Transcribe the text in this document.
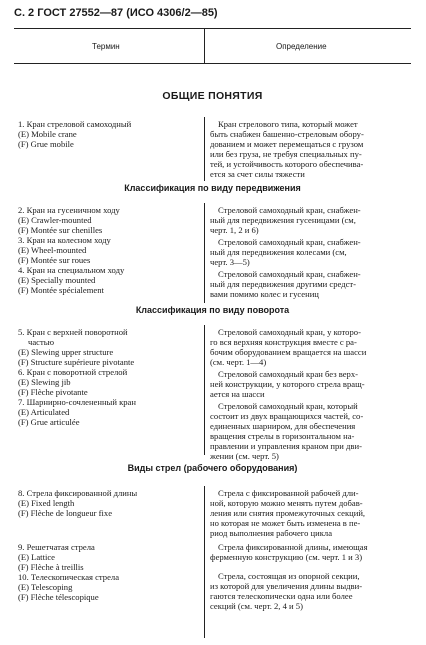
С. 2 ГОСТ 27552—87 (ИСО 4306/2—85)
Термин	Определение
ОБЩИЕ ПОНЯТИЯ
Классификация по виду передвижения
Классификация по виду поворота
Виды стрел (рабочего оборудования)
1. Кран стреловой самоходный
(E) Mobile crane
(F) Grue mobile
Кран стрелового типа, который может
быть снабжен башенно-стреловым обору-
дованием и может перемещаться с грузом
или без груза, не требуя специальных пу-
тей, и устойчивость которого обеспечива-
ется за счет силы тяжести
2. Кран на гусеничном ходу
(E) Crawler-mounted
(F) Montée sur chenilles
3. Кран на колесном ходу
(E) Wheel-mounted
(F) Montée sur roues
4. Кран на специальном ходу
(E) Specially mounted
(F) Montée spécialement
Стреловой самоходный кран, снабжен-
ный для передвижения гусеницами (см,
черт. 1, 2 и 6)
Стреловой самоходный кран, снабжен-
ный для передвижения колесами (см,
черт. 3—5)
Стреловой самоходный кран, снабжен-
ный для передвижения другими средст-
вами помимо колес и гусениц
5. Кран с верхней поворотной
частью
(E) Slewing upper structure
(F) Structure supérieure pivotante
6. Кран с поворотной стрелой
(E) Slewing jib
(F) Flèche pivotante
7. Шарнирно-сочлененный кран
(E) Articulated
(F) Grue articulée
Стреловой самоходный кран, у которо-
го вся верхняя конструкция вместе с ра-
бочим оборудованием вращается на шасси
(см. черт. 1—4)
Стреловой самоходный кран без верх-
ней конструкции, у которого стрела вращ-
ается на шасси
Стреловой самоходный кран, который
состоит из двух вращающихся частей, со-
единенных шарниром, для обеспечения
вращения стрелы в горизонтальном на-
правлении и управления краном при дви-
жении (см. черт. 5)
8. Стрела фиксированной длины
(E) Fixed length
(F) Flèche de longueur fixe
Стрела с фиксированной рабочей дли-
ной, которую можно менять путем добав-
ления или снятия промежуточных секций,
но которая не может быть изменена в пе-
риод выполнения рабочего цикла
9. Решетчатая стрела
(E) Lattice
(F) Flèche à treillis
10. Телескопическая стрела
(E) Telescoping
(F) Flèche télescopique
Стрела фиксированной длины, имеющая
ферменную конструкцию (см. черт. 1 и 3)
Стрела, состоящая из опорной секции,
из которой для увеличения длины выдви-
гаются телескопически одна или более
секций (см. черт. 2, 4 и 5)
